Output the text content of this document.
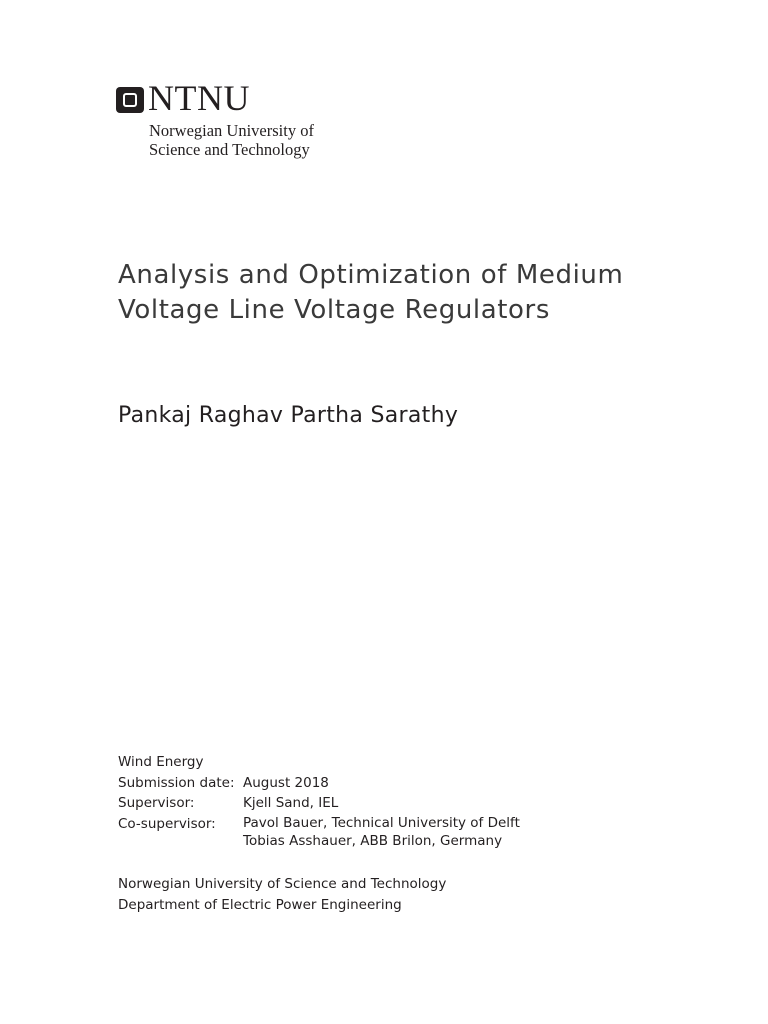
NTNU
Norwegian University of
Science and Technology
Analysis and Optimization of Medium
Voltage Line Voltage Regulators
Pankaj Raghav Partha Sarathy
Wind Energy
Submission date: August 2018
Supervisor:	Kjell Sand, IEL
Co-supervisor:	Pavol Bauer, Technical University of Delft
Tobias Asshauer, ABB Brilon, Germany
Norwegian University of Science and Technology
Department of Electric Power Engineering
